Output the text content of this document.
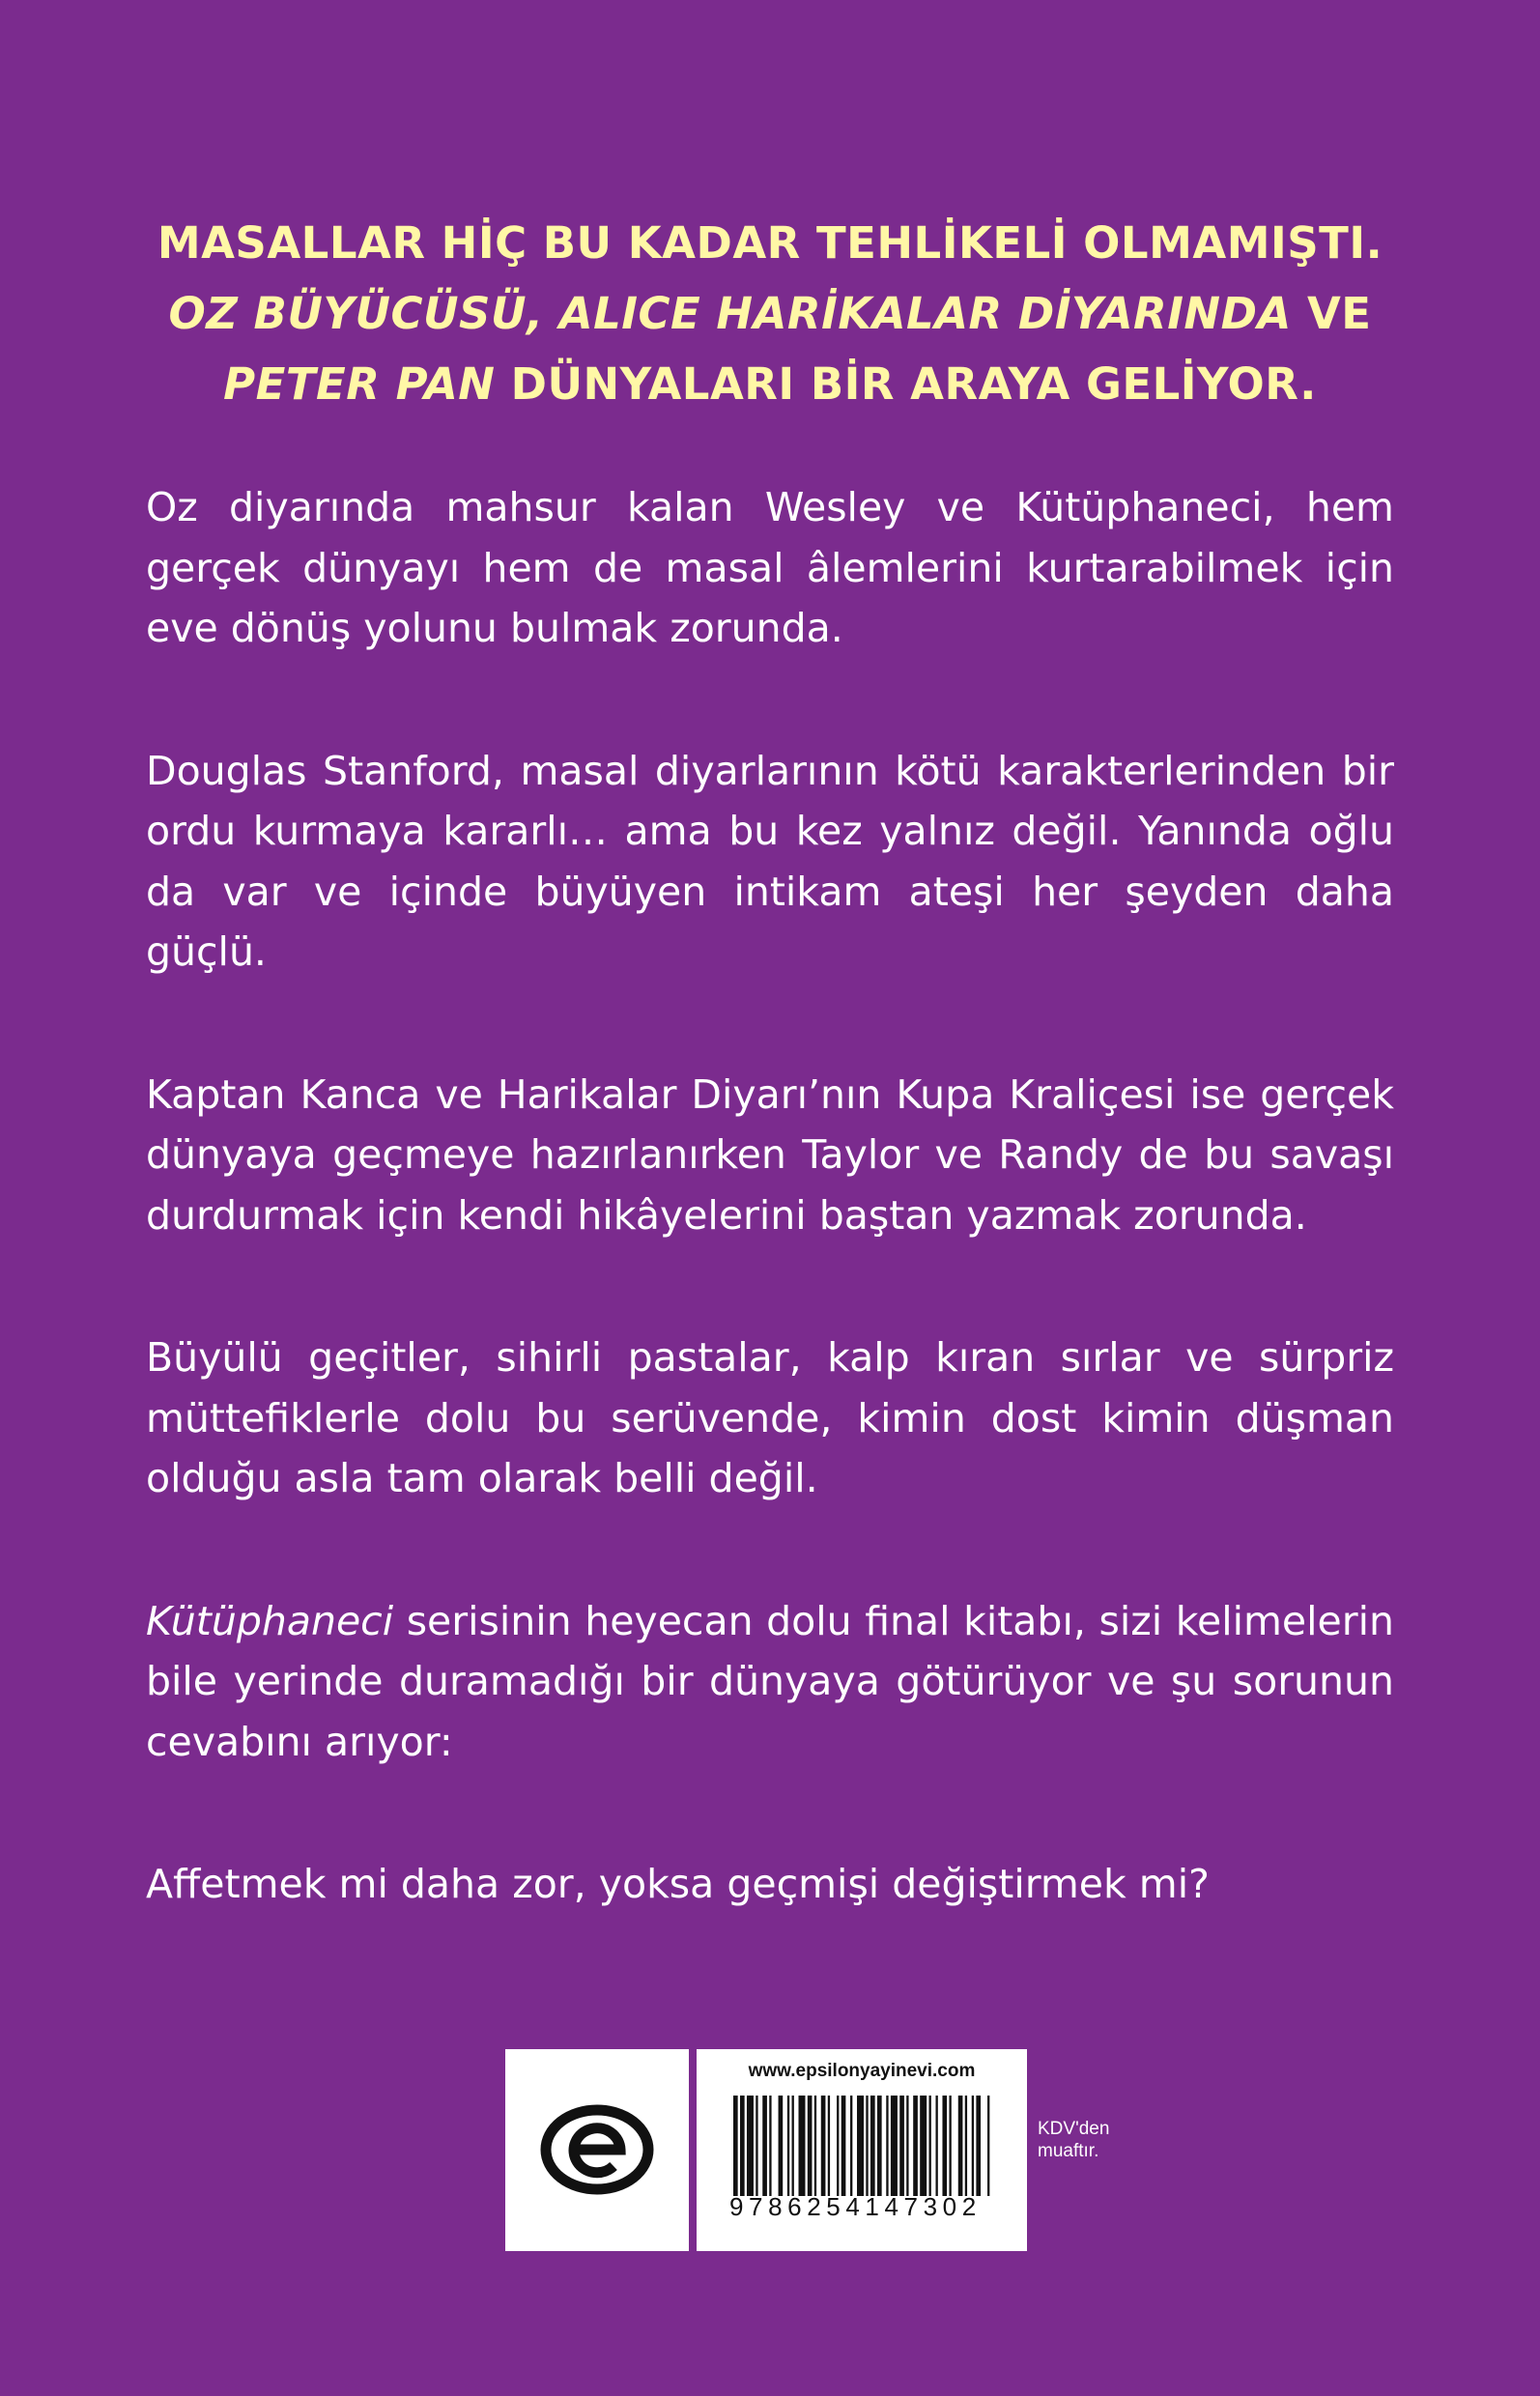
MASALLAR HİÇ BU KADAR TEHLİKELİ OLMAMIŞTI.
OZ BÜYÜCÜSÜ, ALICE HARİKALAR DİYARINDA VE
PETER PAN DÜNYALARI BİR ARAYA GELİYOR.

Oz diyarında mahsur kalan Wesley ve Kütüphaneci, hem gerçek dünyayı hem de masal âlemlerini kurtarabilmek için eve dönüş yolunu bulmak zorunda.

Douglas Stanford, masal diyarlarının kötü karakterlerinden bir ordu kurmaya kararlı… ama bu kez yalnız değil. Yanında oğlu da var ve içinde büyüyen intikam ateşi her şeyden daha güçlü.

Kaptan Kanca ve Harikalar Diyarı’nın Kupa Kraliçesi ise gerçek dünyaya geçmeye hazırlanırken Taylor ve Randy de bu savaşı durdurmak için kendi hikâyelerini baştan yazmak zorunda.

Büyülü geçitler, sihirli pastalar, kalp kıran sırlar ve sürpriz müttefiklerle dolu bu serüvende, kimin dost kimin düşman olduğu asla tam olarak belli değil.

Kütüphaneci serisinin heyecan dolu final kitabı, sizi kelimelerin bile yerinde duramadığı bir dünyaya götürüyor ve şu sorunun cevabını arıyor:

Affetmek mi daha zor, yoksa geçmişi değiştirmek mi?

www.epsilonyayinevi.com
9786254147302
KDV'den
muaftır.
